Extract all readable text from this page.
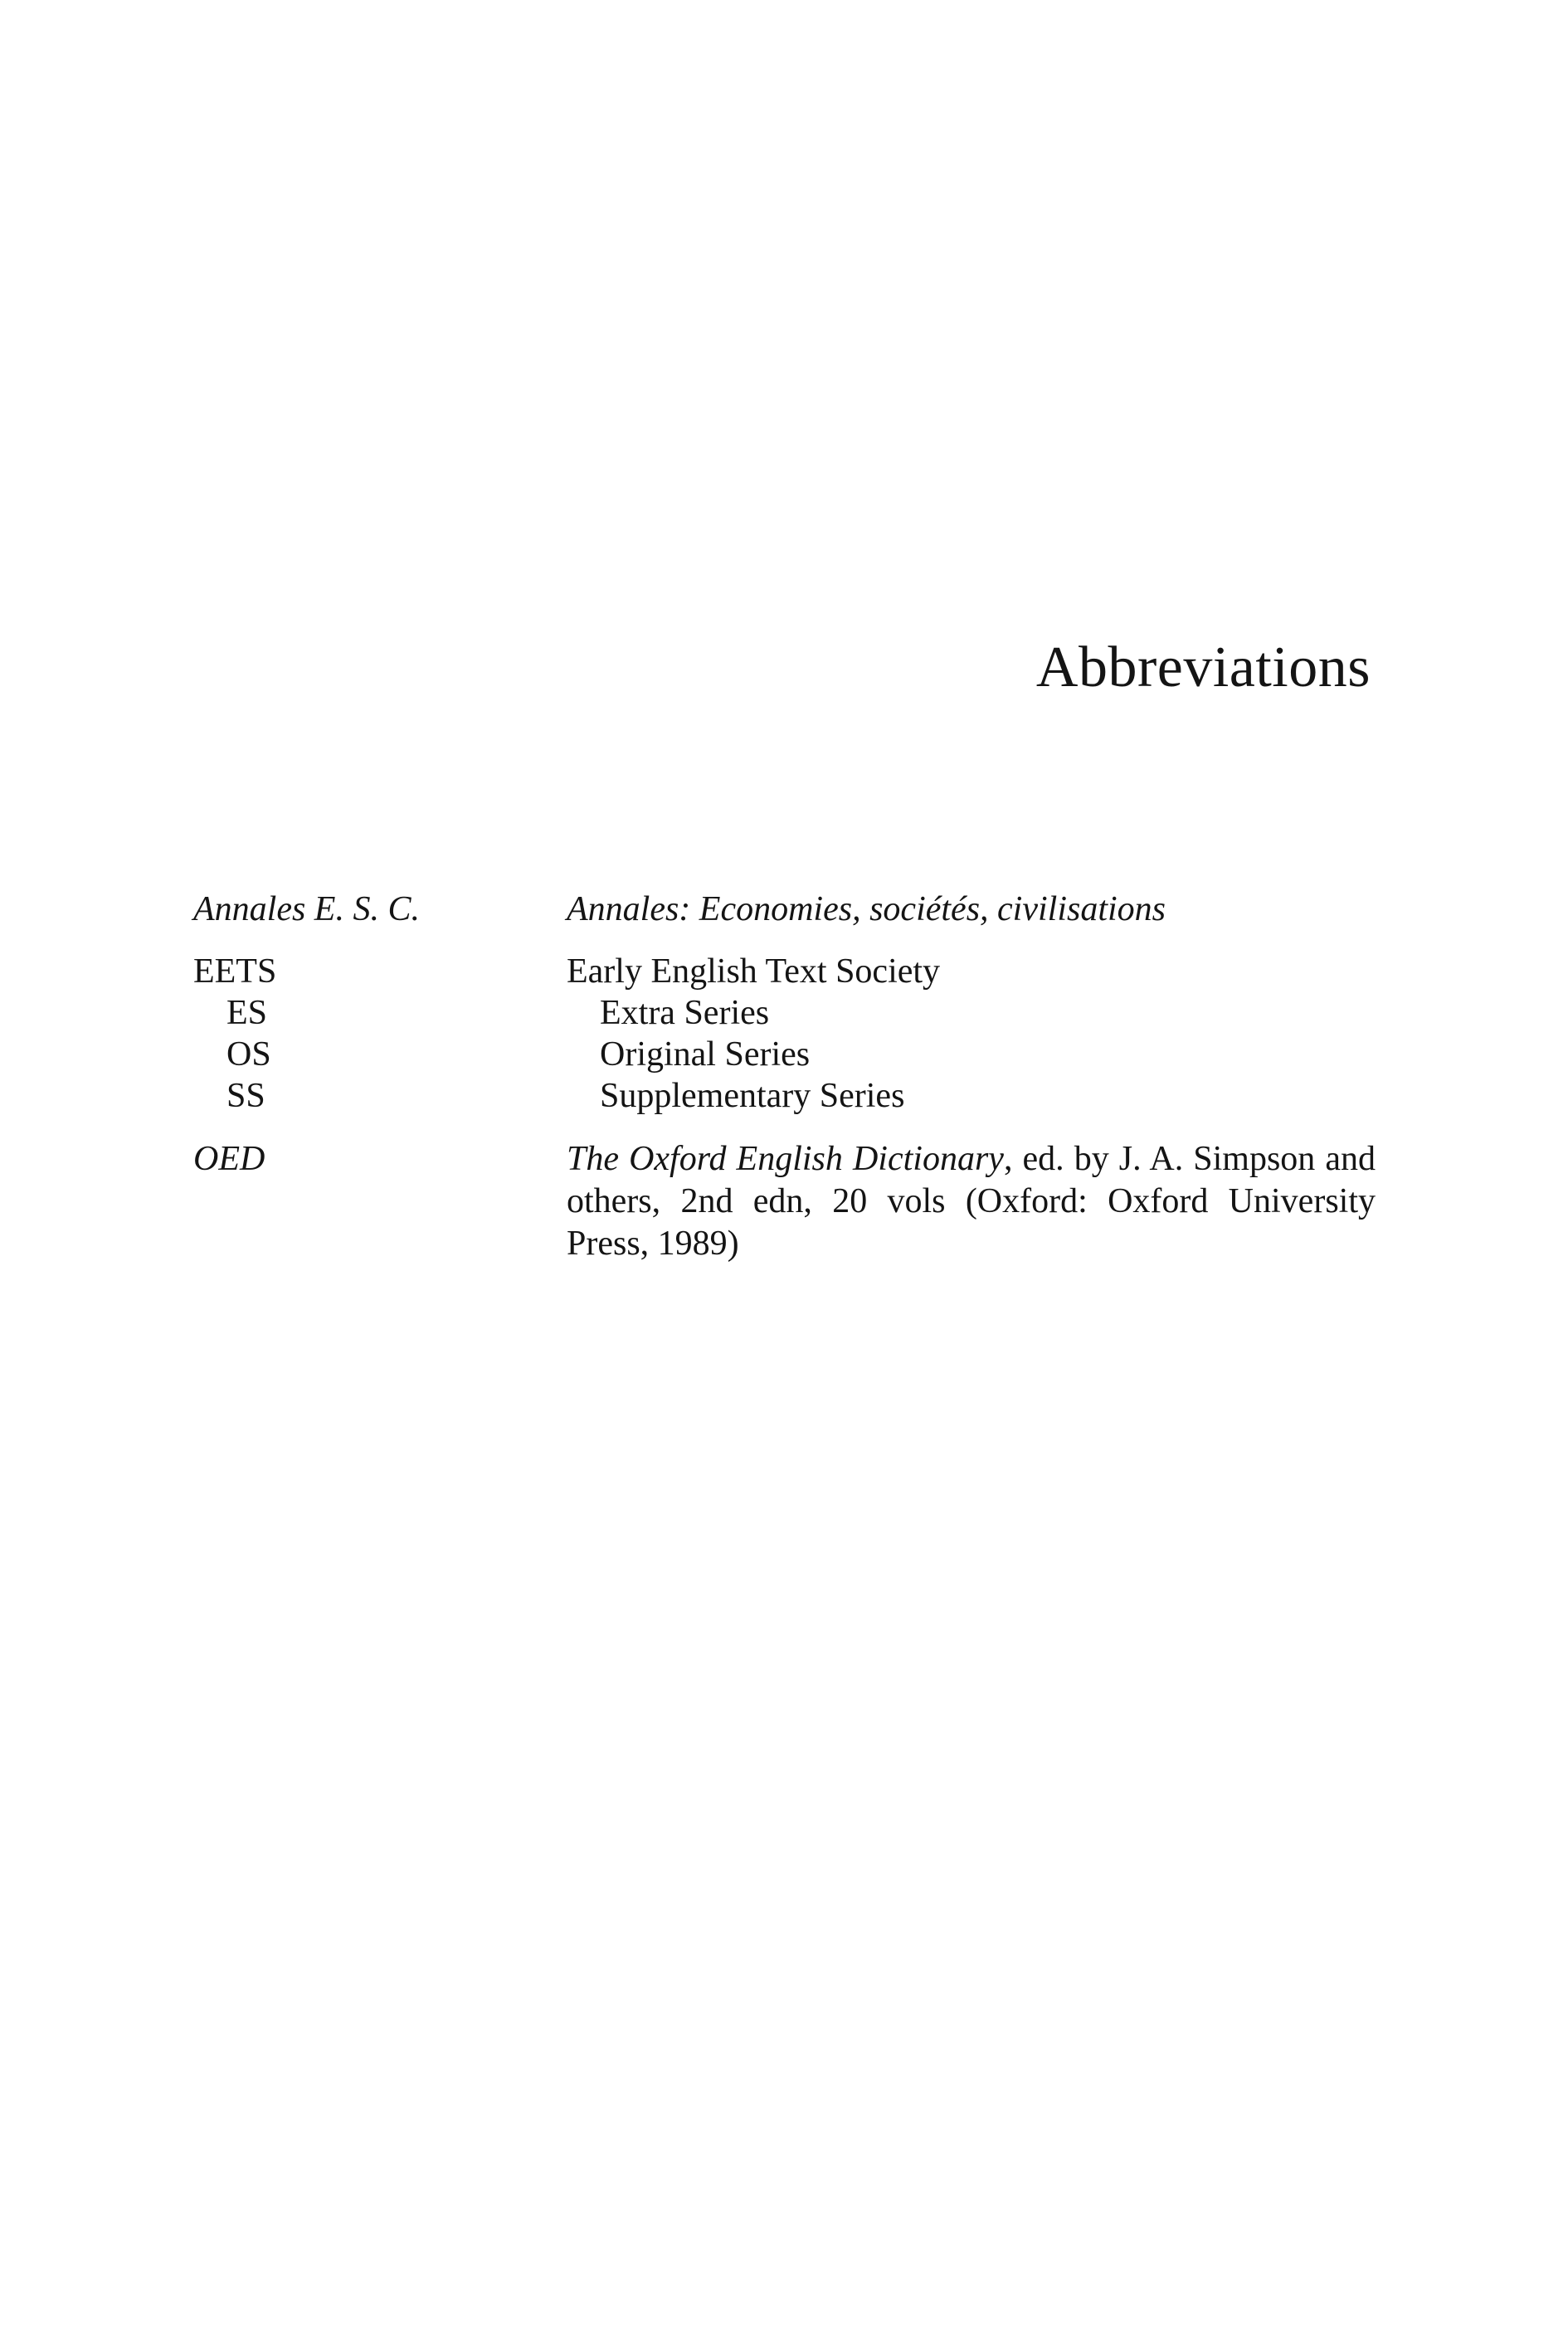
Abbreviations
Annales E. S. C.	Annales: Economies, sociétés, civilisations
EETS	Early English Text Society
ES	Extra Series
OS	Original Series
SS	Supplementary Series
OED	The Oxford English Dictionary, ed. by J. A. Simpson and
others, 2nd edn, 20 vols (Oxford: Oxford University
Press, 1989)
